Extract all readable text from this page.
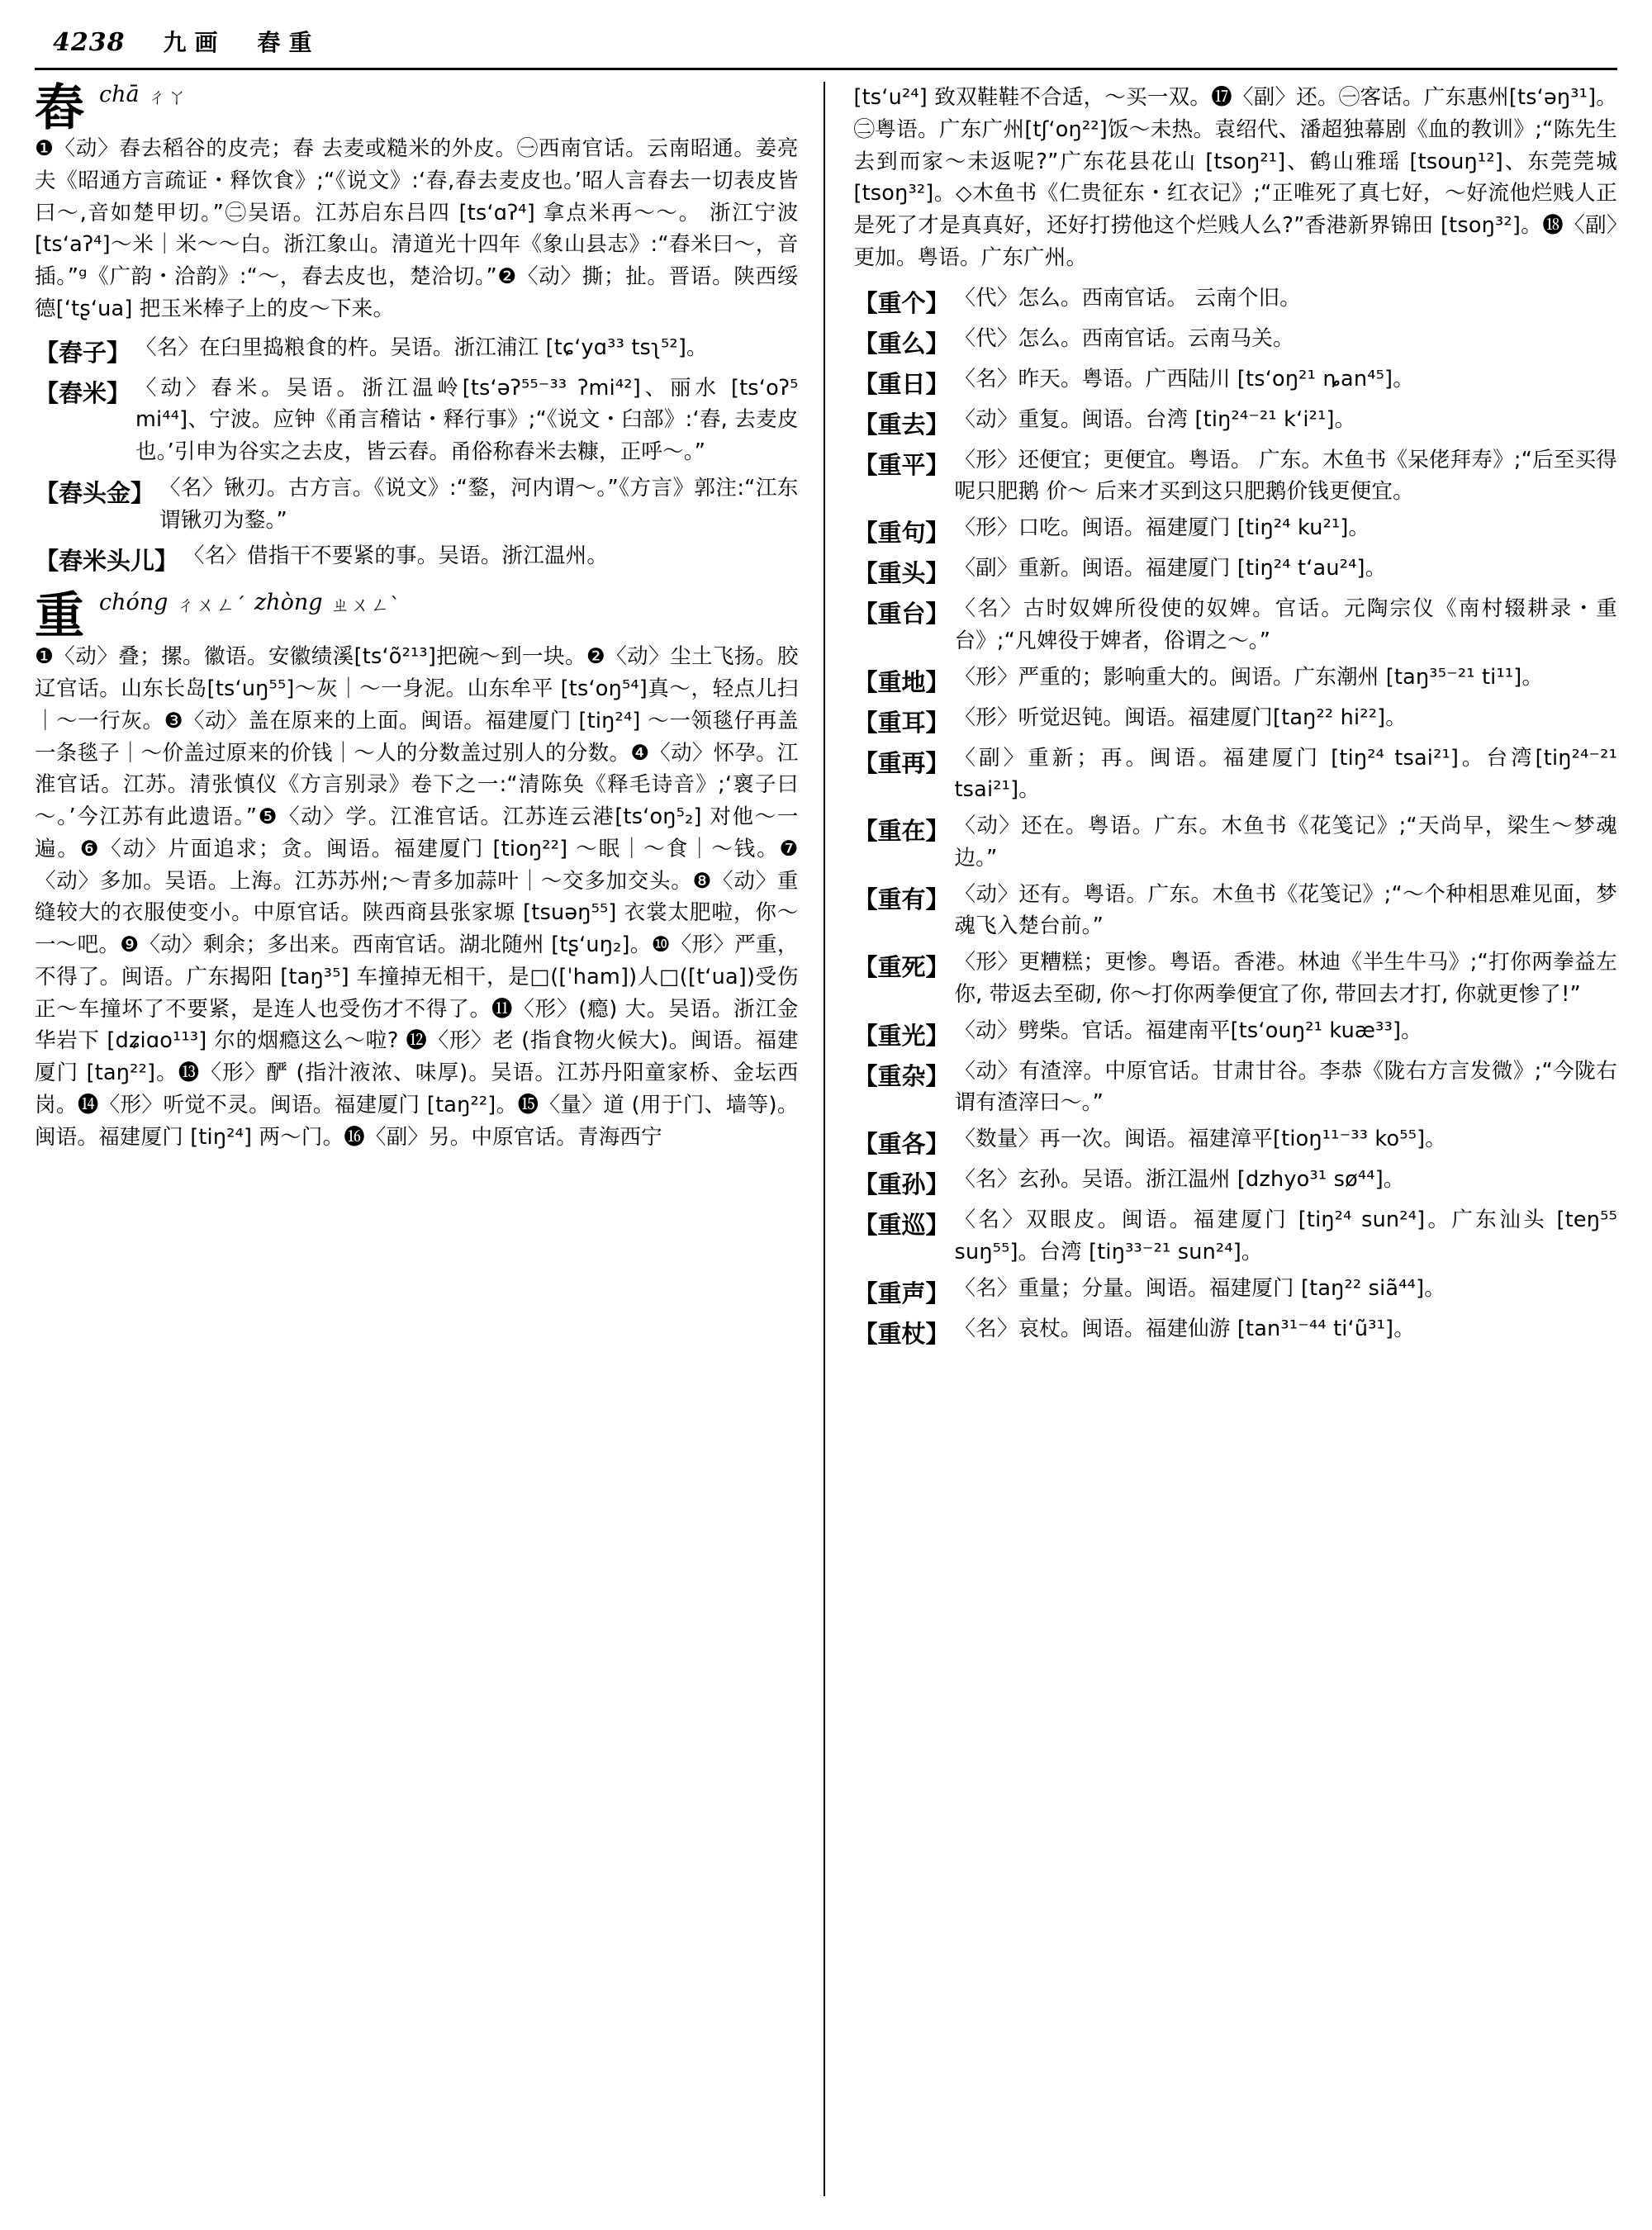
4238 九画　舂重
舂 chā ㄔㄚ
❶〈动〉舂去稻谷的皮壳；舂 去麦或糙米的外皮。㊀西南官话。云南昭通。姜亮夫《昭通方言疏证・释饮食》;“《说文》:‘舂,舂去麦皮也。’昭人言舂去一切表皮皆曰～,音如楚甲切。”㊁吴语。江苏启东吕四 [tsʻɑʔ⁴] 拿点米再～～。 浙江宁波[tsʻaʔ⁴]～米｜米～～白。浙江象山。清道光十四年《象山县志》:“舂米曰～，音插。”ᵍ《广韵・洽韵》:“～，舂去皮也，楚洽切。”❷〈动〉撕；扯。晋语。陕西绥德[‘tʂʻua] 把玉米棒子上的皮～下来。
【舂子】 〈名〉在臼里捣粮食的杵。吴语。浙江浦江 [tɕʻyɑ³³ tsʅ⁵²]。
【舂米】 〈动〉舂米。吴语。浙江温岭[tsʻəʔ⁵⁵⁻³³ ʔmi⁴²]、丽水 [tsʻoʔ⁵ mi⁴⁴]、宁波。应钟《甬言稽诂・释行事》;“《说文・臼部》:‘舂, 去麦皮也。’引申为谷实之去皮，皆云舂。甬俗称舂米去糠，正呼～。”
【舂头金】 〈名〉锹刃。古方言。《说文》:“鍪，河内谓～。”《方言》郭注:“江东谓锹刃为鍪。”
【舂米头儿】 〈名〉借指干不要紧的事。吴语。浙江温州。
重 chóng ㄔㄨㄥˊ zhòng ㄓㄨㄥˋ
❶〈动〉叠；摞。徽语。安徽绩溪[tsʻõ²¹³]把碗～到一块。❷〈动〉尘土飞扬。胶辽官话。山东长岛[tsʻuŋ⁵⁵]～灰｜～一身泥。山东牟平 [tsʻoŋ⁵⁴]真～，轻点儿扫｜～一行灰。❸〈动〉盖在原来的上面。闽语。福建厦门 [tiŋ²⁴] ～一领毯仔再盖一条毯子｜～价盖过原来的价钱｜～人的分数盖过别人的分数。❹〈动〉怀孕。江淮官话。江苏。清张慎仪《方言别录》卷下之一:“清陈奂《释毛诗音》;‘褱子曰～。’今江苏有此遗语。”❺〈动〉学。江淮官话。江苏连云港[tsʻoŋ⁵₂] 对他～一遍。❻〈动〉片面追求；贪。闽语。福建厦门 [tioŋ²²] ～眠｜～食｜～钱。❼〈动〉多加。吴语。上海。江苏苏州;～青多加蒜叶｜～交多加交头。❽〈动〉重缝较大的衣服使变小。中原官话。陕西商县张家塬 [tsuəŋ⁵⁵] 衣裳太肥啦，你～一～吧。❾〈动〉剩余；多出来。西南官话。湖北随州 [tʂʻuŋ₂]。❿〈形〉严重，不得了。闽语。广东揭阳 [taŋ³⁵] 车撞掉无相干，是□([ˈham])人□([tʻua])受伤正～车撞坏了不要紧，是连人也受伤才不得了。⓫〈形〉(瘾) 大。吴语。浙江金华岩下 [dʑiɑo¹¹³] 尔的烟瘾这么～啦? ⓬〈形〉老 (指食物火候大)。闽语。福建厦门 [taŋ²²]。⓭〈形〉酽 (指汁液浓、味厚)。吴语。江苏丹阳童家桥、金坛西岗。⓮〈形〉听觉不灵。闽语。福建厦门 [taŋ²²]。⓯〈量〉道 (用于门、墙等)。闽语。福建厦门 [tiŋ²⁴] 两～门。⓰〈副〉另。中原官话。青海西宁
[tsʻu²⁴] 致双鞋鞋不合适，～买一双。⓱〈副〉还。㊀客话。广东惠州[tsʻəŋ³¹]。㊁粤语。广东广州[tʃʻoŋ²²]饭～未热。袁绍代、潘超独幕剧《血的教训》;“陈先生去到而家～未返呢?”广东花县花山 [tsoŋ²¹]、鹤山雅瑶 [tsouŋ¹²]、东莞莞城 [tsoŋ³²]。◇木鱼书《仁贵征东・红衣记》;“正唯死了真七好，～好流他烂贱人正是死了才是真真好，还好打捞他这个烂贱人么?”香港新界锦田 [tsoŋ³²]。⓲〈副〉更加。粤语。广东广州。
【重个】 〈代〉怎么。西南官话。 云南个旧。
【重么】 〈代〉怎么。西南官话。云南马关。
【重日】 〈名〉昨天。粤语。广西陆川 [tsʻoŋ²¹ ȵan⁴⁵]。
【重去】 〈动〉重复。闽语。台湾 [tiŋ²⁴⁻²¹ kʻi²¹]。
【重平】 〈形〉还便宜；更便宜。粤语。 广东。木鱼书《呆佬拜寿》;“后至买得呢只肥鹅 价～ 后来才买到这只肥鹅价钱更便宜。
【重句】 〈形〉口吃。闽语。福建厦门 [tiŋ²⁴ ku²¹]。
【重头】 〈副〉重新。闽语。福建厦门 [tiŋ²⁴ tʻau²⁴]。
【重台】 〈名〉古时奴婢所役使的奴婢。官话。元陶宗仪《南村辍耕录・重台》;“凡婢役于婢者，俗谓之～。”
【重地】 〈形〉严重的；影响重大的。闽语。广东潮州 [taŋ³⁵⁻²¹ ti¹¹]。
【重耳】 〈形〉听觉迟钝。闽语。福建厦门[taŋ²² hi²²]。
【重再】 〈副〉重新；再。闽语。福建厦门 [tiŋ²⁴ tsai²¹]。台湾[tiŋ²⁴⁻²¹ tsai²¹]。
【重在】 〈动〉还在。粤语。广东。木鱼书《花笺记》;“天尚早，梁生～梦魂边。”
【重有】 〈动〉还有。粤语。广东。木鱼书《花笺记》;“～个种相思难见面，梦魂飞入楚台前。”
【重死】 〈形〉更糟糕；更惨。粤语。香港。林迪《半生牛马》;“打你两拳益左你, 带返去至砌, 你～打你两拳便宜了你, 带回去才打, 你就更惨了!”
【重光】 〈动〉劈柴。官话。福建南平[tsʻouŋ²¹ kuæ³³]。
【重杂】 〈动〉有渣滓。中原官话。甘肃甘谷。李恭《陇右方言发微》;“今陇右谓有渣滓曰～。”
【重各】 〈数量〉再一次。闽语。福建漳平[tioŋ¹¹⁻³³ ko⁵⁵]。
【重孙】 〈名〉玄孙。吴语。浙江温州 [dzhyo³¹ sø⁴⁴]。
【重巡】 〈名〉双眼皮。闽语。福建厦门 [tiŋ²⁴ sun²⁴]。广东汕头 [teŋ⁵⁵ suŋ⁵⁵]。台湾 [tiŋ³³⁻²¹ sun²⁴]。
【重声】 〈名〉重量；分量。闽语。福建厦门 [taŋ²² siã⁴⁴]。
【重杖】 〈名〉哀杖。闽语。福建仙游 [tan³¹⁻⁴⁴ tiʻũ³¹]。
